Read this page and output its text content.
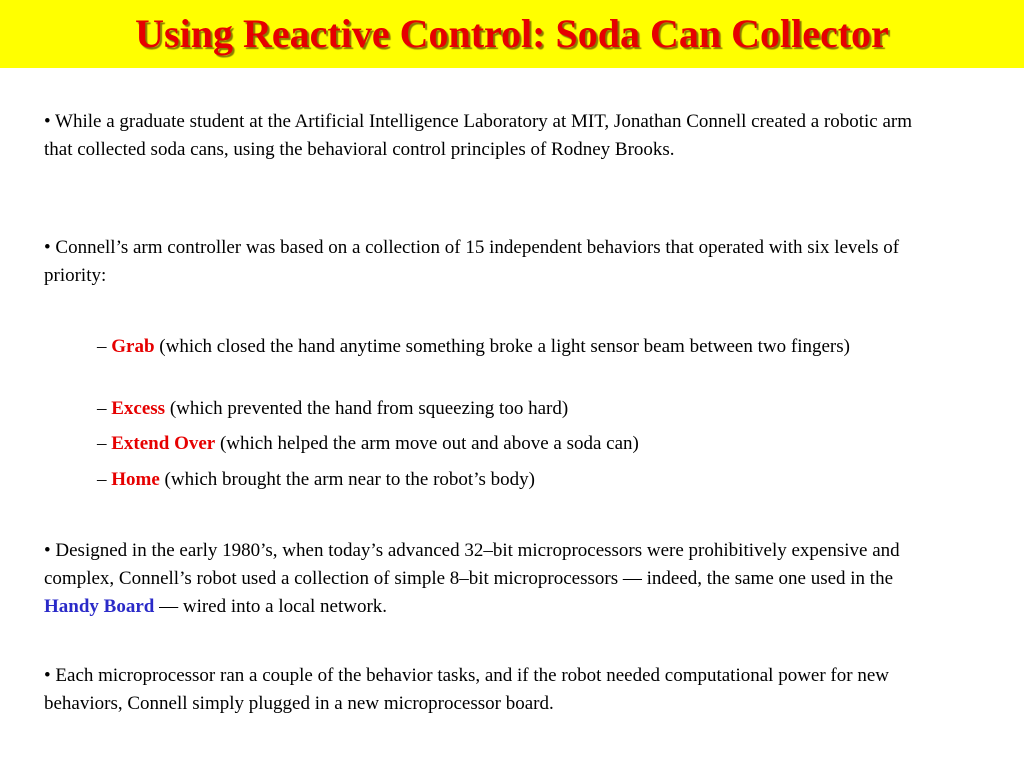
Using Reactive Control: Soda Can Collector

• While a graduate student at the Artificial Intelligence Laboratory at MIT, Jonathan Connell created a robotic arm that collected soda cans, using the behavioral control principles of Rodney Brooks.

• Connell’s arm controller was based on a collection of 15 independent behaviors that operated with six levels of priority:

– Grab (which closed the hand anytime something broke a light sensor beam between two fingers)

– Excess (which prevented the hand from squeezing too hard)

– Extend Over (which helped the arm move out and above a soda can)

– Home (which brought the arm near to the robot’s body)

• Designed in the early 1980’s, when today’s advanced 32–bit microprocessors were prohibitively expensive and complex, Connell’s robot used a collection of simple 8–bit microprocessors — indeed, the same one used in the Handy Board — wired into a local network.

• Each microprocessor ran a couple of the behavior tasks, and if the robot needed computational power for new behaviors, Connell simply plugged in a new microprocessor board.
